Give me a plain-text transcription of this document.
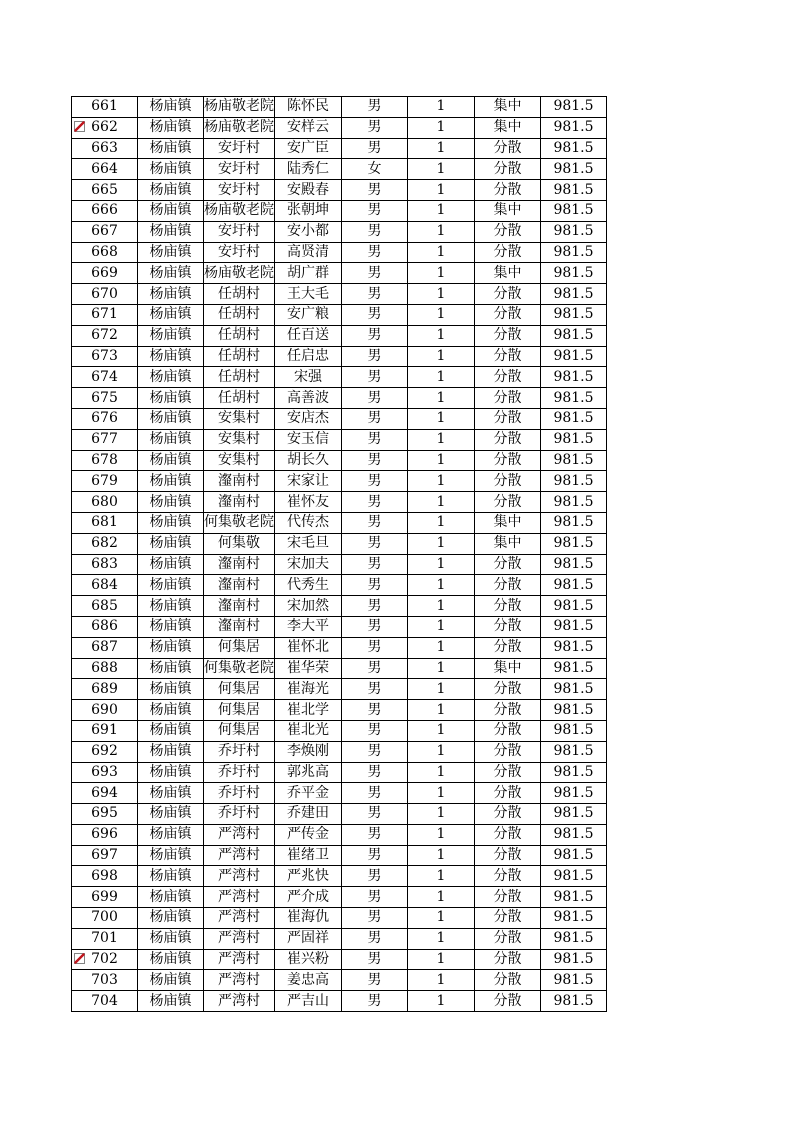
661	杨庙镇	杨庙敬老院	陈怀民	男	1	集中	981.5

662	杨庙镇	杨庙敬老院	安样云	男	1	集中	981.5
663	杨庙镇	安圩村	安广臣	男	1	分散	981.5
664	杨庙镇	安圩村	陆秀仁	女	1	分散	981.5
665	杨庙镇	安圩村	安殿春	男	1	分散	981.5
666	杨庙镇	杨庙敬老院	张朝坤	男	1	集中	981.5
667	杨庙镇	安圩村	安小都	男	1	分散	981.5
668	杨庙镇	安圩村	高贤清	男	1	分散	981.5
669	杨庙镇	杨庙敬老院	胡广群	男	1	集中	981.5
670	杨庙镇	任胡村	王大毛	男	1	分散	981.5
671	杨庙镇	任胡村	安广粮	男	1	分散	981.5
672	杨庙镇	任胡村	任百送	男	1	分散	981.5
673	杨庙镇	任胡村	任启忠	男	1	分散	981.5
674	杨庙镇	任胡村	宋强	男	1	分散	981.5
675	杨庙镇	任胡村	高善波	男	1	分散	981.5
676	杨庙镇	安集村	安店杰	男	1	分散	981.5
677	杨庙镇	安集村	安玉信	男	1	分散	981.5
678	杨庙镇	安集村	胡长久	男	1	分散	981.5
679	杨庙镇	瀣南村	宋家让	男	1	分散	981.5
680	杨庙镇	瀣南村	崔怀友	男	1	分散	981.5
681	杨庙镇	何集敬老院	代传杰	男	1	集中	981.5
682	杨庙镇	何集敬	宋毛旦	男	1	集中	981.5
683	杨庙镇	瀣南村	宋加夫	男	1	分散	981.5
684	杨庙镇	瀣南村	代秀生	男	1	分散	981.5
685	杨庙镇	瀣南村	宋加然	男	1	分散	981.5
686	杨庙镇	瀣南村	李大平	男	1	分散	981.5
687	杨庙镇	何集居	崔怀北	男	1	分散	981.5
688	杨庙镇	何集敬老院	崔华荣	男	1	集中	981.5
689	杨庙镇	何集居	崔海光	男	1	分散	981.5
690	杨庙镇	何集居	崔北学	男	1	分散	981.5
691	杨庙镇	何集居	崔北光	男	1	分散	981.5
692	杨庙镇	乔圩村	李焕刚	男	1	分散	981.5
693	杨庙镇	乔圩村	郭兆高	男	1	分散	981.5
694	杨庙镇	乔圩村	乔平金	男	1	分散	981.5
695	杨庙镇	乔圩村	乔建田	男	1	分散	981.5
696	杨庙镇	严湾村	严传金	男	1	分散	981.5
697	杨庙镇	严湾村	崔绪卫	男	1	分散	981.5
698	杨庙镇	严湾村	严兆快	男	1	分散	981.5
699	杨庙镇	严湾村	严介成	男	1	分散	981.5
700	杨庙镇	严湾村	崔海仇	男	1	分散	981.5
701	杨庙镇	严湾村	严固祥	男	1	分散	981.5

702	杨庙镇	严湾村	崔兴粉	男	1	分散	981.5
703	杨庙镇	严湾村	姜忠高	男	1	分散	981.5
704	杨庙镇	严湾村	严吉山	男	1	分散	981.5
